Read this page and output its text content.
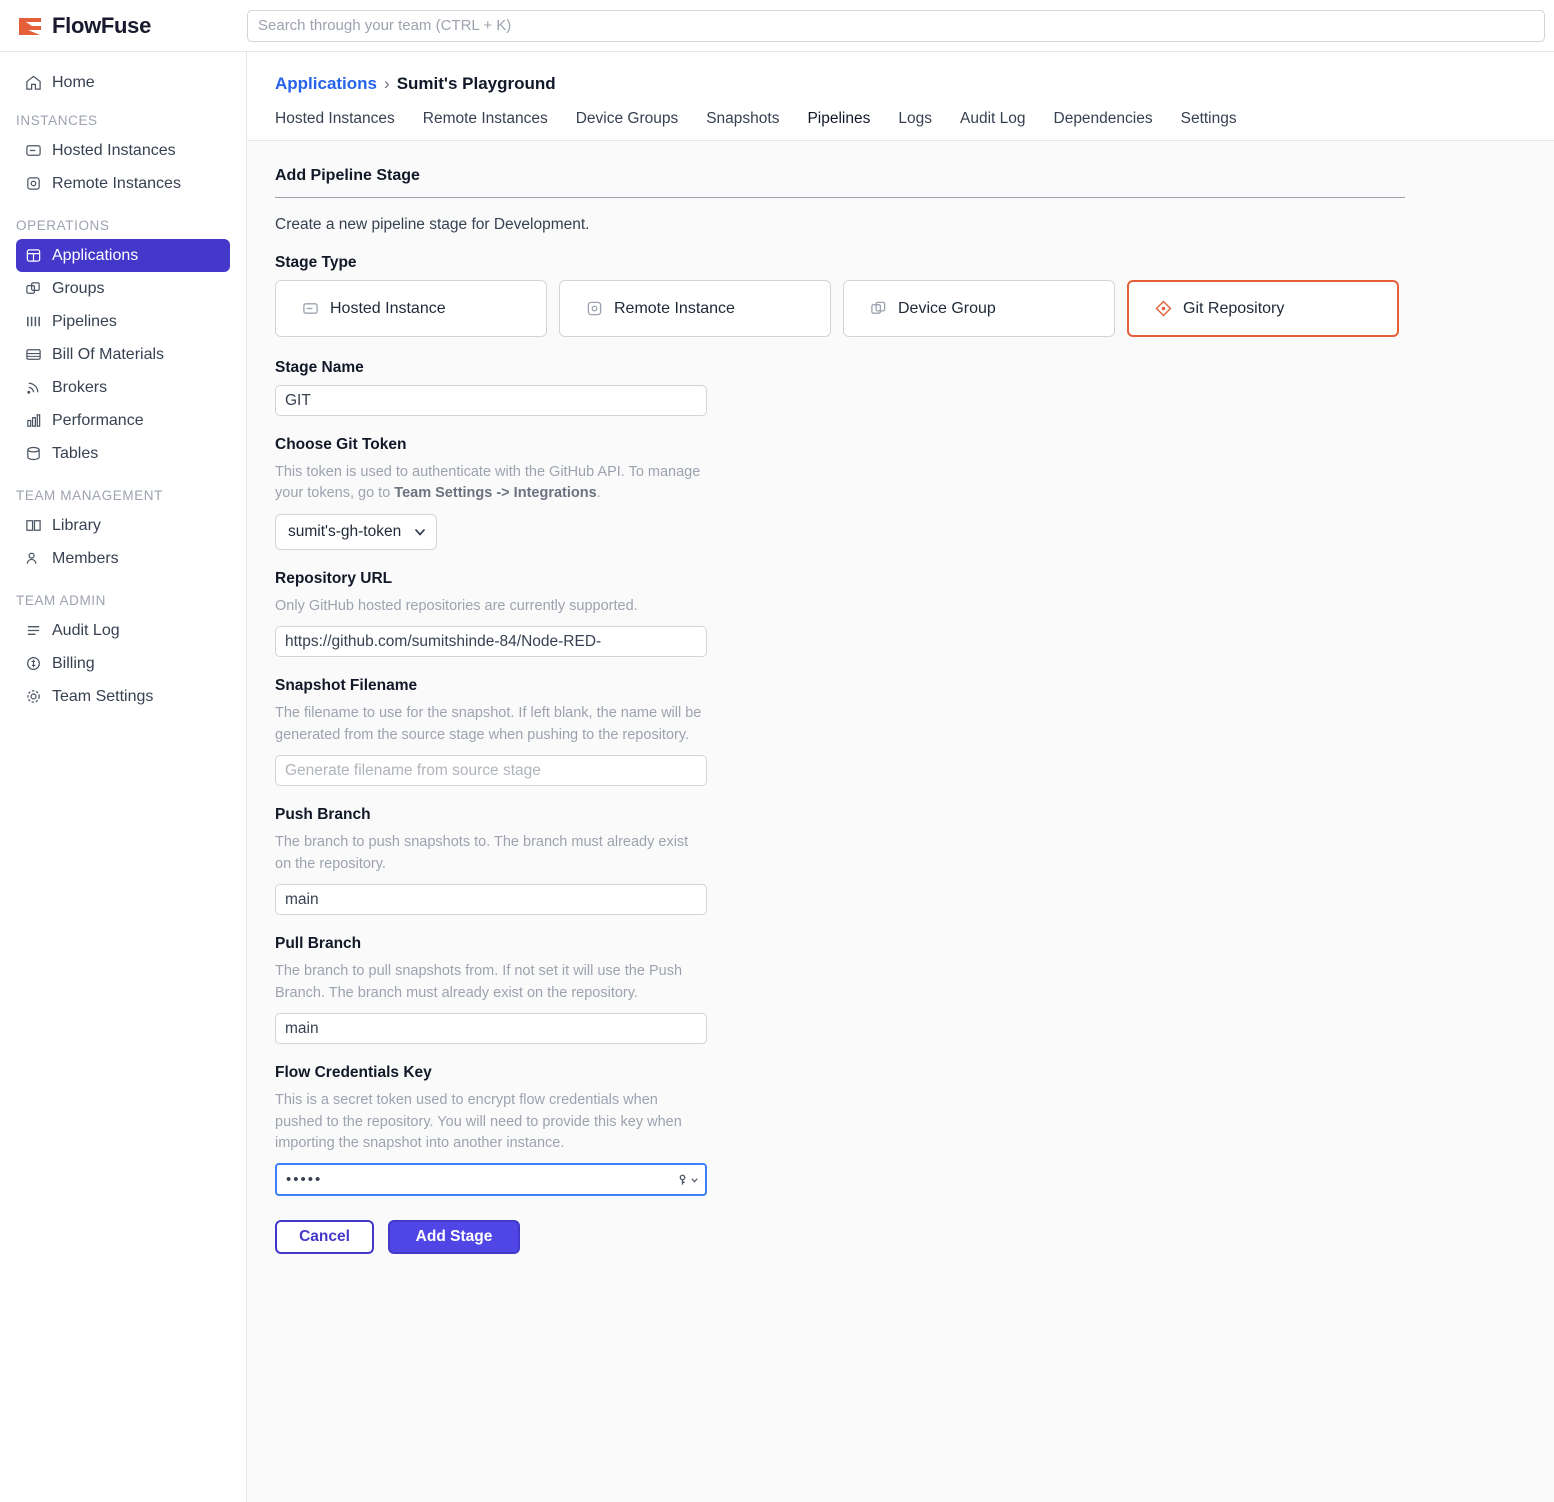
FlowFuse
Search through your team (CTRL + K)
Home
INSTANCES
Hosted Instances
Remote Instances
OPERATIONS
Applications
Groups
Pipelines
Bill Of Materials
Brokers
Performance
Tables
TEAM MANAGEMENT
Library
Members
TEAM ADMIN
Audit Log
Billing
Team Settings
Applications › Sumit's Playground
Hosted Instances Remote Instances Device Groups Snapshots Pipelines Logs Audit Log Dependencies Settings
Add Pipeline Stage
Create a new pipeline stage for Development.
Stage Type
Hosted Instance	Remote Instance	Device Group	Git Repository
Stage Name
GIT
Choose Git Token
This token is used to authenticate with the GitHub API. To manage your tokens, go to Team Settings -> Integrations.
sumit's-gh-token
Repository URL
Only GitHub hosted repositories are currently supported.
https://github.com/sumitshinde-84/Node-RED-
Snapshot Filename
The filename to use for the snapshot. If left blank, the name will be generated from the source stage when pushing to the repository.
Generate filename from source stage
Push Branch
The branch to push snapshots to. The branch must already exist on the repository.
main
Pull Branch
The branch to pull snapshots from. If not set it will use the Push Branch. The branch must already exist on the repository.
main
Flow Credentials Key
This is a secret token used to encrypt flow credentials when pushed to the repository. You will need to provide this key when importing the snapshot into another instance.
•••••
Cancel	Add Stage
